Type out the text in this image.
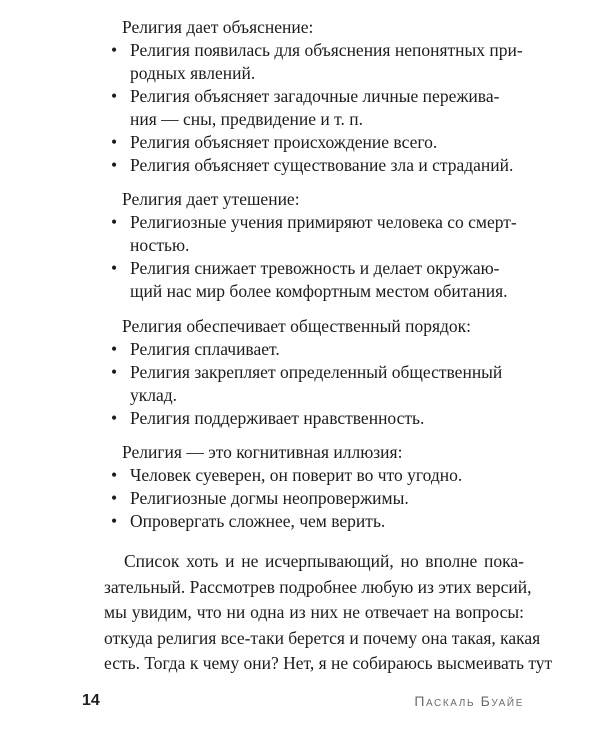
Религия дает объяснение:
• Религия появилась для объяснения непонятных при-
родных явлений.
• Религия объясняет загадочные личные пережива-
ния — сны, предвидение и т. п.
• Религия объясняет происхождение всего.
• Религия объясняет существование зла и страданий.
Религия дает утешение:
• Религиозные учения примиряют человека со смерт-
ностью.
• Религия снижает тревожность и делает окружаю-
щий нас мир более комфортным местом обитания.
Религия обеспечивает общественный порядок:
• Религия сплачивает.
• Религия закрепляет определенный общественный
уклад.
• Религия поддерживает нравственность.
Религия — это когнитивная иллюзия:
• Человек суеверен, он поверит во что угодно.
• Религиозные догмы неопровержимы.
• Опровергать сложнее, чем верить.
Список хоть и не исчерпывающий, но вполне пока-
зательный. Рассмотрев подробнее любую из этих версий,
мы увидим, что ни одна из них не отвечает на вопросы:
откуда религия все-таки берется и почему она такая, какая
есть. Тогда к чему они? Нет, я не собираюсь высмеивать тут
14	Паскаль Буайе
